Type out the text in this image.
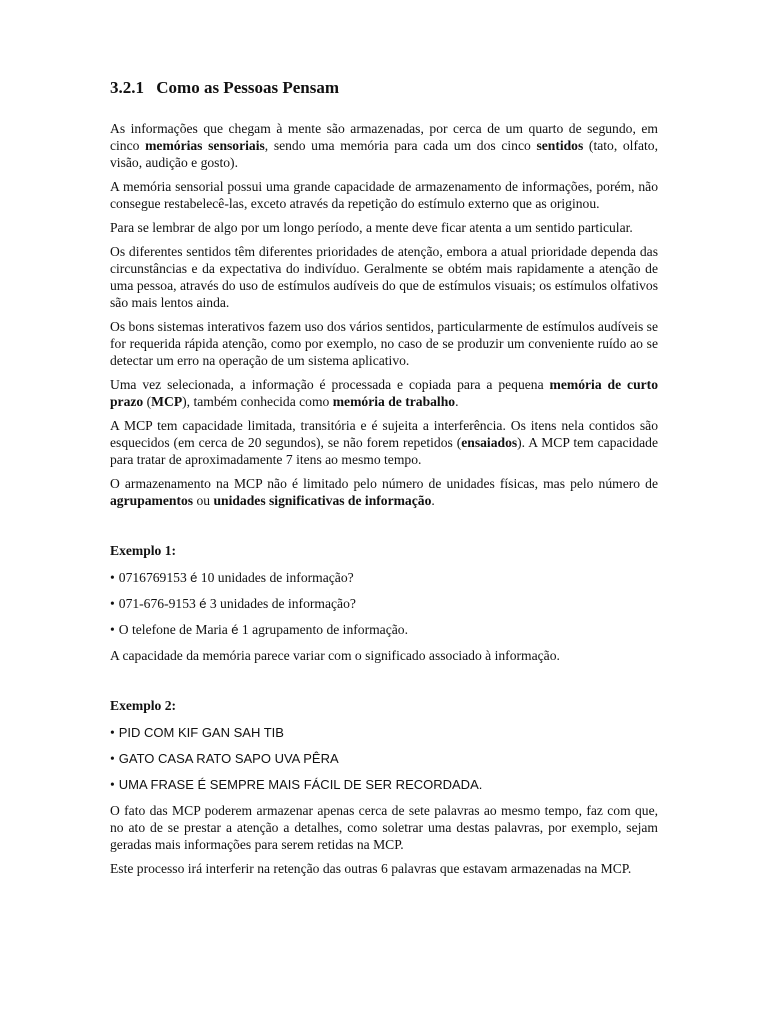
3.2.1 Como as Pessoas Pensam

As informações que chegam à mente são armazenadas, por cerca de um quarto de segundo, em cinco memórias sensoriais, sendo uma memória para cada um dos cinco sentidos (tato, olfato, visão, audição e gosto).

A memória sensorial possui uma grande capacidade de armazenamento de informações, porém, não consegue restabelecê-las, exceto através da repetição do estímulo externo que as originou.

Para se lembrar de algo por um longo período, a mente deve ficar atenta a um sentido particular.

Os diferentes sentidos têm diferentes prioridades de atenção, embora a atual prioridade dependa das circunstâncias e da expectativa do indivíduo. Geralmente se obtém mais rapidamente a atenção de uma pessoa, através do uso de estímulos audíveis do que de estímulos visuais; os estímulos olfativos são mais lentos ainda.

Os bons sistemas interativos fazem uso dos vários sentidos, particularmente de estímulos audíveis se for requerida rápida atenção, como por exemplo, no caso de se produzir um conveniente ruído ao se detectar um erro na operação de um sistema aplicativo.

Uma vez selecionada, a informação é processada e copiada para a pequena memória de curto prazo (MCP), também conhecida como memória de trabalho.

A MCP tem capacidade limitada, transitória e é sujeita a interferência. Os itens nela contidos são esquecidos (em cerca de 20 segundos), se não forem repetidos (ensaiados). A MCP tem capacidade para tratar de aproximadamente 7 itens ao mesmo tempo.

O armazenamento na MCP não é limitado pelo número de unidades físicas, mas pelo número de agrupamentos ou unidades significativas de informação.

Exemplo 1:
• 0716769153 é 10 unidades de informação?
• 071-676-9153 é 3 unidades de informação?
• O telefone de Maria é 1 agrupamento de informação.

A capacidade da memória parece variar com o significado associado à informação.

Exemplo 2:
• PID COM KIF GAN SAH TIB
• GATO CASA RATO SAPO UVA PÊRA
• UMA FRASE É SEMPRE MAIS FÁCIL DE SER RECORDADA.

O fato das MCP poderem armazenar apenas cerca de sete palavras ao mesmo tempo, faz com que, no ato de se prestar a atenção a detalhes, como soletrar uma destas palavras, por exemplo, sejam geradas mais informações para serem retidas na MCP.

Este processo irá interferir na retenção das outras 6 palavras que estavam armazenadas na MCP.
